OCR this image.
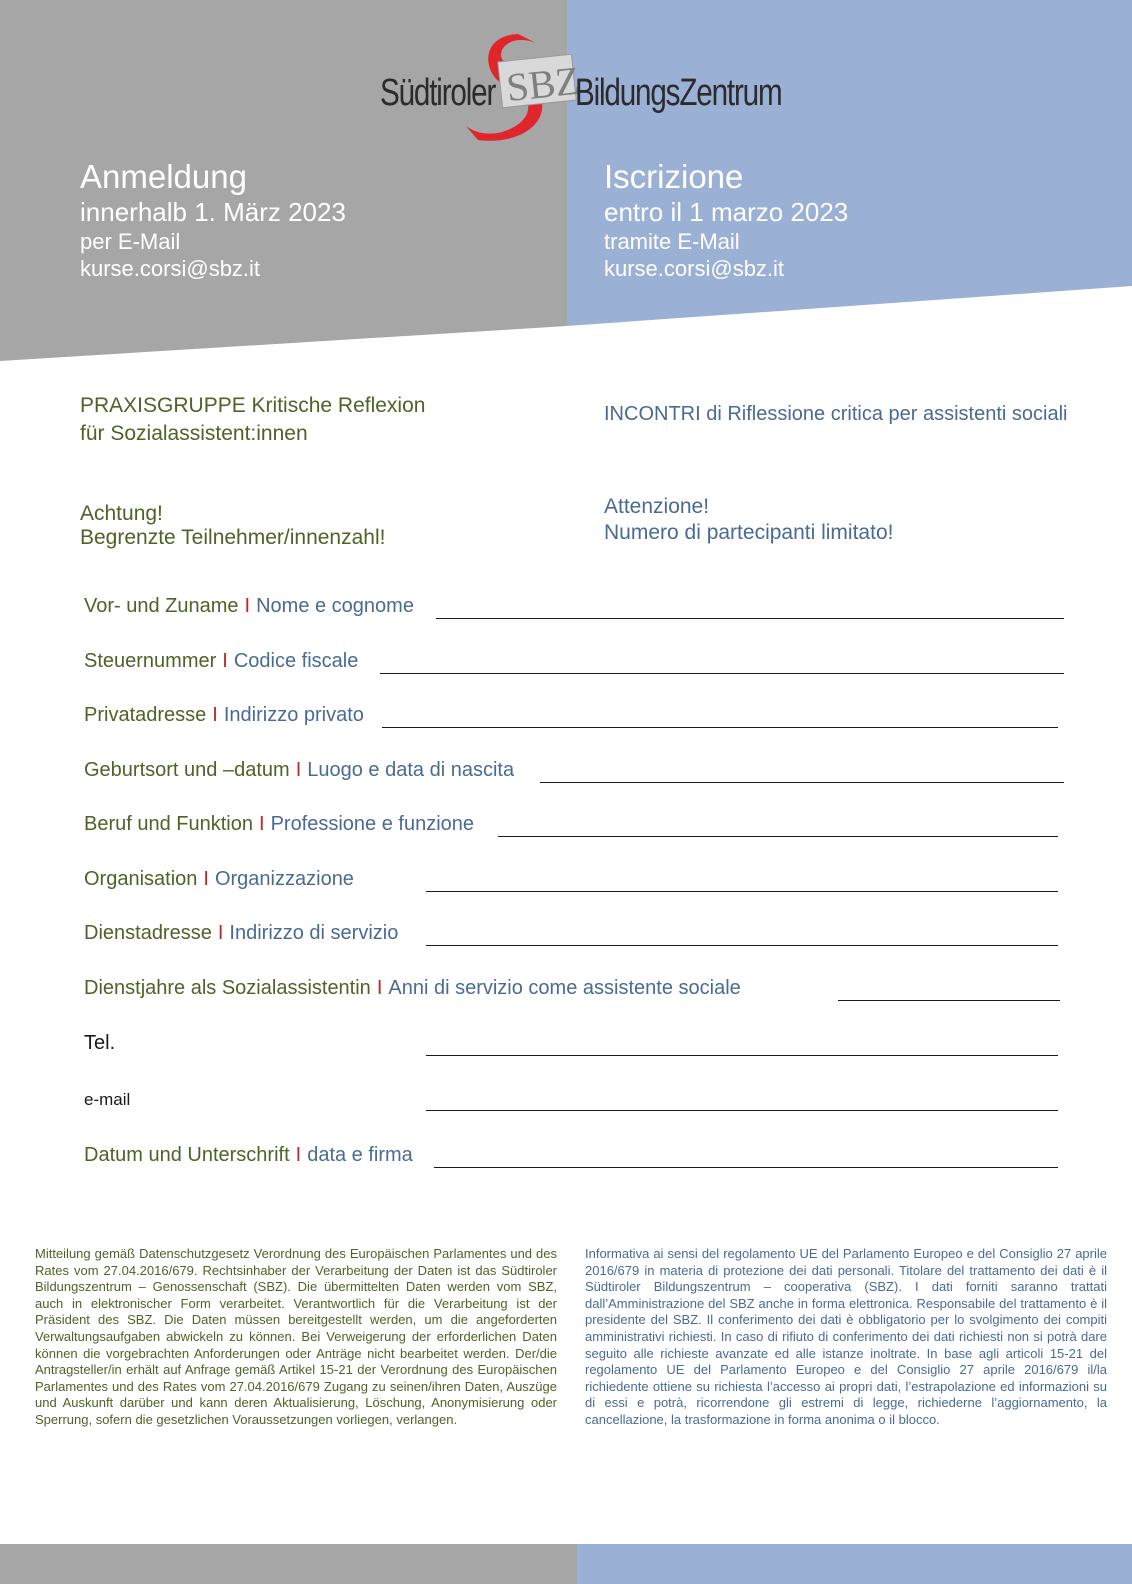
SBZ
Südtiroler BildungsZentrum
Anmeldung
innerhalb 1. März 2023
per E-Mail
kurse.corsi@sbz.it
Iscrizione
entro il 1 marzo 2023
tramite E-Mail
kurse.corsi@sbz.it
PRAXISGRUPPE Kritische Reflexion
für Sozialassistent:innen
INCONTRI di Riflessione critica per assistenti sociali
Achtung!
Begrenzte Teilnehmer/innenzahl!
Attenzione!
Numero di partecipanti limitato!
Vor- und Zuname I Nome e cognome
Steuernummer I Codice fiscale
Privatadresse I Indirizzo privato
Geburtsort und –datum I Luogo e data di nascita
Beruf und Funktion I Professione e funzione
Organisation I Organizzazione
Dienstadresse I Indirizzo di servizio
Dienstjahre als Sozialassistentin I Anni di servizio come assistente sociale
Tel.
e-mail
Datum und Unterschrift I data e firma

Mitteilung gemäß Datenschutzgesetz Verordnung des Europäischen Parlamentes und des Rates vom 27.04.2016/679. Rechtsinhaber der Verarbeitung der Daten ist das Südtiroler Bildungszentrum – Genossenschaft (SBZ). Die übermittelten Daten werden vom SBZ, auch in elektronischer Form verarbeitet. Verantwortlich für die Verarbeitung ist der Präsident des SBZ. Die Daten müssen bereitgestellt werden, um die angeforderten Verwaltungsaufgaben abwickeln zu können. Bei Verweigerung der erforderlichen Daten können die vorgebrachten Anforderungen oder Anträge nicht bearbeitet werden. Der/die Antragsteller/in erhält auf Anfrage gemäß Artikel 15-21 der Verordnung des Europäischen Parlamentes und des Rates vom 27.04.2016/679 Zugang zu seinen/ihren Daten, Auszüge und Auskunft darüber und kann deren Aktualisierung, Löschung, Anonymisierung oder Sperrung, sofern die gesetzlichen Voraussetzungen vorliegen, verlangen.

Informativa ai sensi del regolamento UE del Parlamento Europeo e del Consiglio 27 aprile 2016/679 in materia di protezione dei dati personali. Titolare del trattamento dei dati è il Südtiroler Bildungszentrum – cooperativa (SBZ). I dati forniti saranno trattati dall’Amministrazione del SBZ anche in forma elettronica. Responsabile del trattamento è il presidente del SBZ. Il conferimento dei dati è obbligatorio per lo svolgimento dei compiti amministrativi richiesti. In caso di rifiuto di conferimento dei dati richiesti non si potrà dare seguito alle richieste avanzate ed alle istanze inoltrate. In base agli articoli 15-21 del regolamento UE del Parlamento Europeo e del Consiglio 27 aprile 2016/679 il/la richiedente ottiene su richiesta l’accesso ai propri dati, l’estrapolazione ed informazioni su di essi e potrà, ricorrendone gli estremi di legge, richiederne l’aggiornamento, la cancellazione, la trasformazione in forma anonima o il blocco.
